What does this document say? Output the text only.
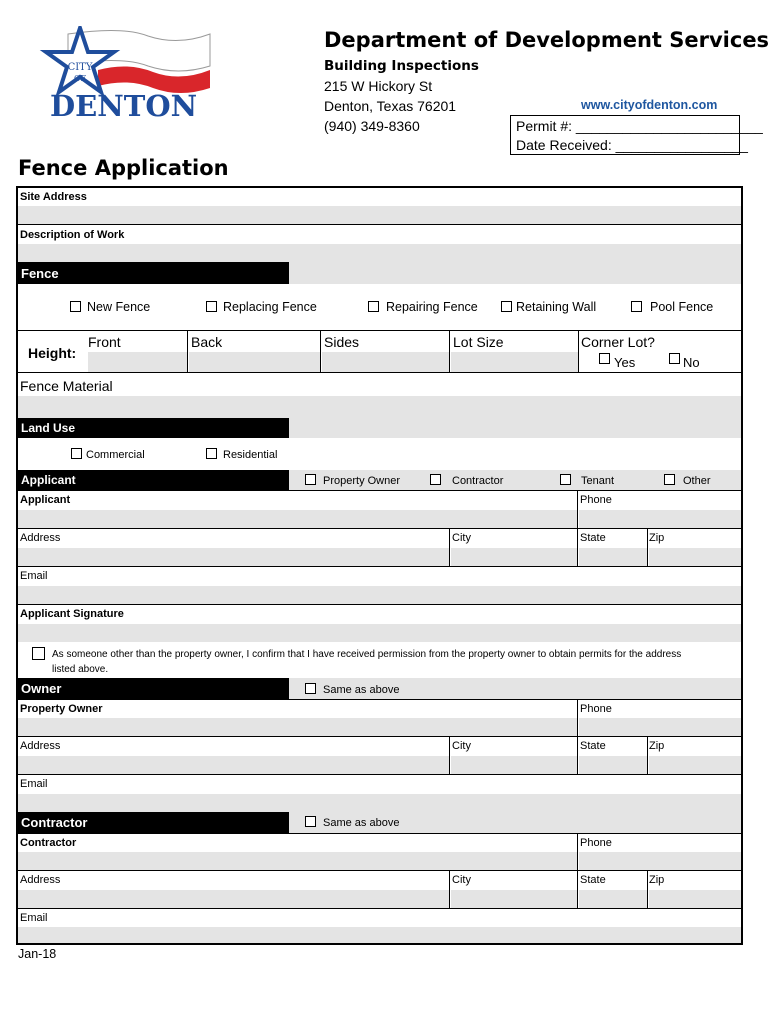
CITY
OF
DENTON
Department of Development Services
Building Inspections
215 W Hickory St
Denton, Texas 76201
(940) 349-8360
www.cityofdenton.com
Permit #: ________________________
Date Received: _________________
Fence Application
Site Address
Description of Work
Fence
New Fence	Replacing Fence	Repairing Fence	Retaining Wall	Pool Fence
Height:
Front	Back	Sides	Lot Size	Corner Lot?
Yes	No
Fence Material
Land Use
Commercial	Residential
Applicant	Property Owner	Contractor	Tenant	Other
Applicant	Phone
Address	City	State	Zip
Email
Applicant Signature
As someone other than the property owner, I confirm that I have received permission from the property owner to obtain permits for the address
listed above.
Owner	Same as above
Property Owner	Phone
Address	City	State	Zip
Email
Contractor	Same as above
Contractor	Phone
Address	City	State	Zip
Email
Jan-18
